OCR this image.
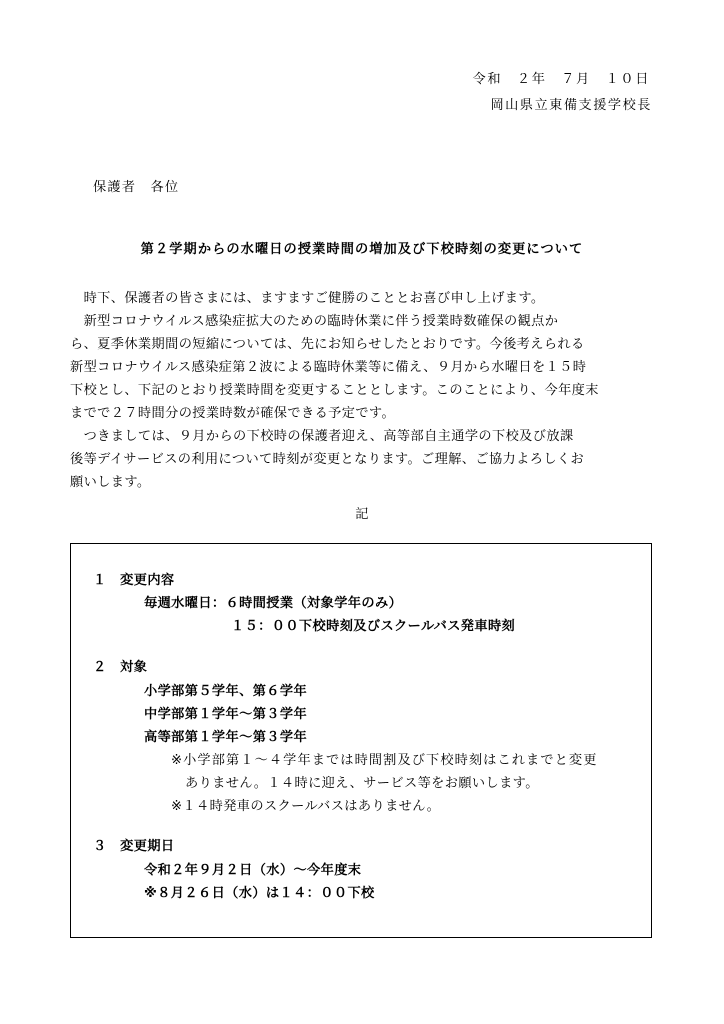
令和　２年　７月　１０日
岡山県立東備支援学校長
保護者　各位
第２学期からの水曜日の授業時間の増加及び下校時刻の変更について
　時下、保護者の皆さまには、ますますご健勝のこととお喜び申し上げます。
　新型コロナウイルス感染症拡大のための臨時休業に伴う授業時数確保の観点か
ら、夏季休業期間の短縮については、先にお知らせしたとおりです。今後考えられる
新型コロナウイルス感染症第２波による臨時休業等に備え、９月から水曜日を１５時
下校とし、下記のとおり授業時間を変更することとします。このことにより、今年度末
までで２７時間分の授業時数が確保できる予定です。
　つきましては、９月からの下校時の保護者迎え、高等部自主通学の下校及び放課
後等デイサービスの利用について時刻が変更となります。ご理解、ご協力よろしくお
願いします。
記
１　変更内容
毎週水曜日：６時間授業（対象学年のみ）
１５：００下校時刻及びスクールバス発車時刻
２　対象
小学部第５学年、第６学年
中学部第１学年～第３学年
高等部第１学年～第３学年
※小学部第１～４学年までは時間割及び下校時刻はこれまでと変更
ありません。１４時に迎え、サービス等をお願いします。
※１４時発車のスクールバスはありません。
３　変更期日
令和２年９月２日（水）～今年度末
※８月２６日（水）は１４：００下校
